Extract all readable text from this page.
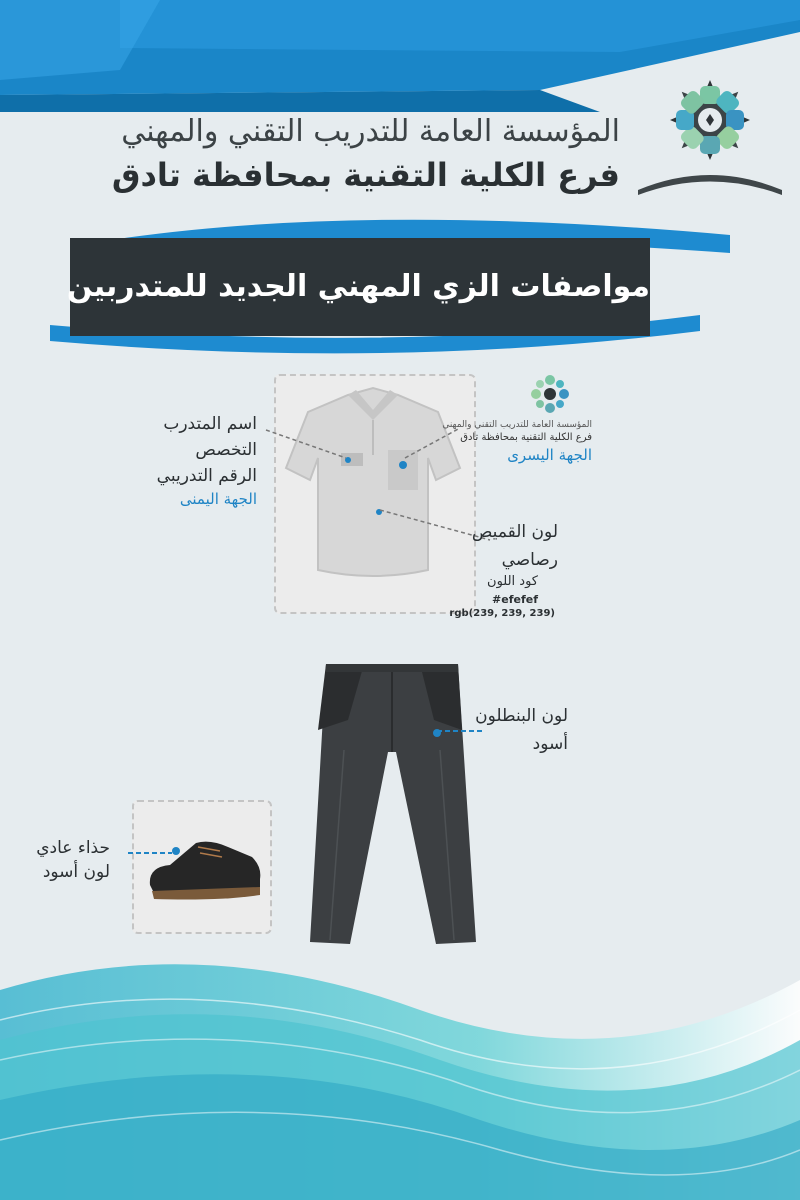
المؤسسة العامة للتدريب التقني والمهني
فرع الكلية التقنية بمحافظة تادق
مواصفات الزي المهني الجديد للمتدربين
اسم المتدرب
التخصص
الرقم التدريبي
الجهة اليمنى
المؤسسة العامة للتدريب التقني والمهني
فرع الكلية التقنية بمحافظة تادق
الجهة اليسرى
لون القميص
رصاصي
كود اللون
#efefef
rgb(239, 239, 239)
لون البنطلون
أسود
حذاء عادي
لون أسود
